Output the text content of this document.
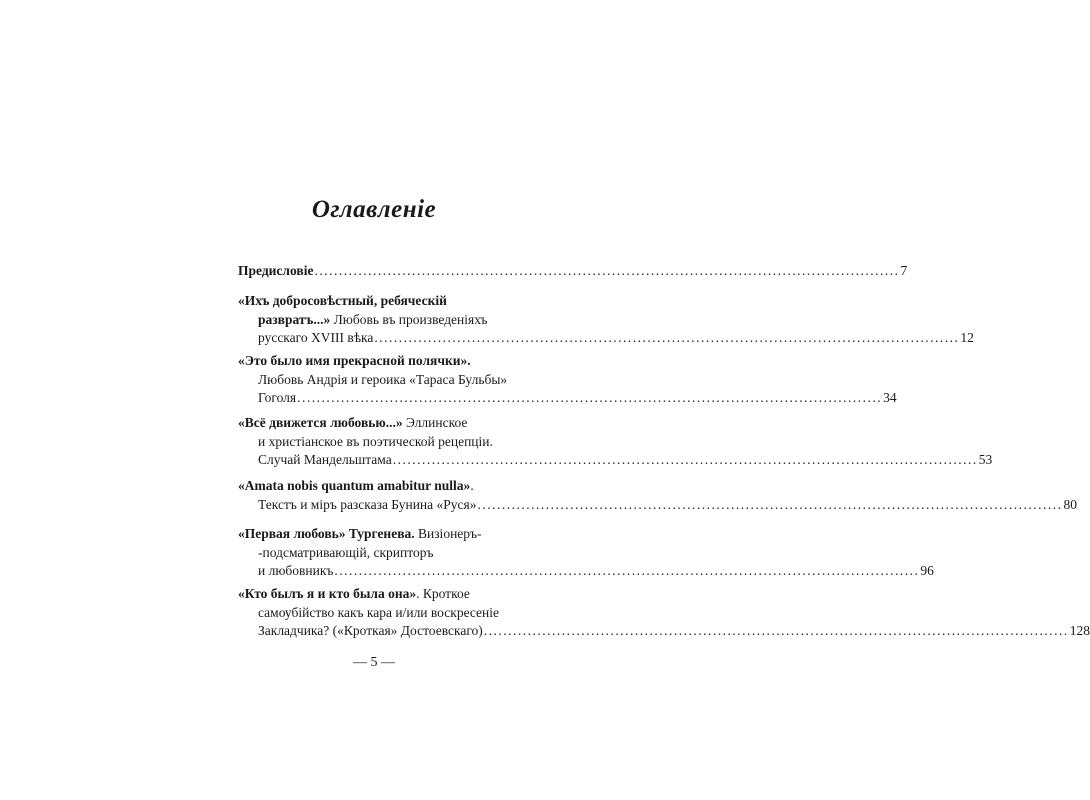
Оглавленіе
Предисловіе ........................................................................................................................ 7
«Ихъ добросовѣстный, ребяческій
развратъ...» Любовь въ произведеніяхъ
русскаго XVIII вѣка ........................................................................................................................ 12
«Это было имя прекрасной полячки».
Любовь Андрія и героика «Тараса Бульбы»
Гоголя ........................................................................................................................ 34
«Всё движется любовью...» Эллинское
и христіанское въ поэтической рецепціи.
Случай Мандельштама ........................................................................................................................ 53
«Amata nobis quantum amabitur nulla».
Текстъ и міръ разсказа Бунина «Руся» ........................................................................................................................ 80
«Первая любовь» Тургенева. Визіонеръ-
-подсматривающій, скрипторъ
и любовникъ ........................................................................................................................ 96
«Кто былъ я и кто была она». Кроткое
самоубійство какъ кара и/или воскресеніе
Закладчика? («Кроткая» Достоевскаго) ........................................................................................................................ 128
— 5 —
